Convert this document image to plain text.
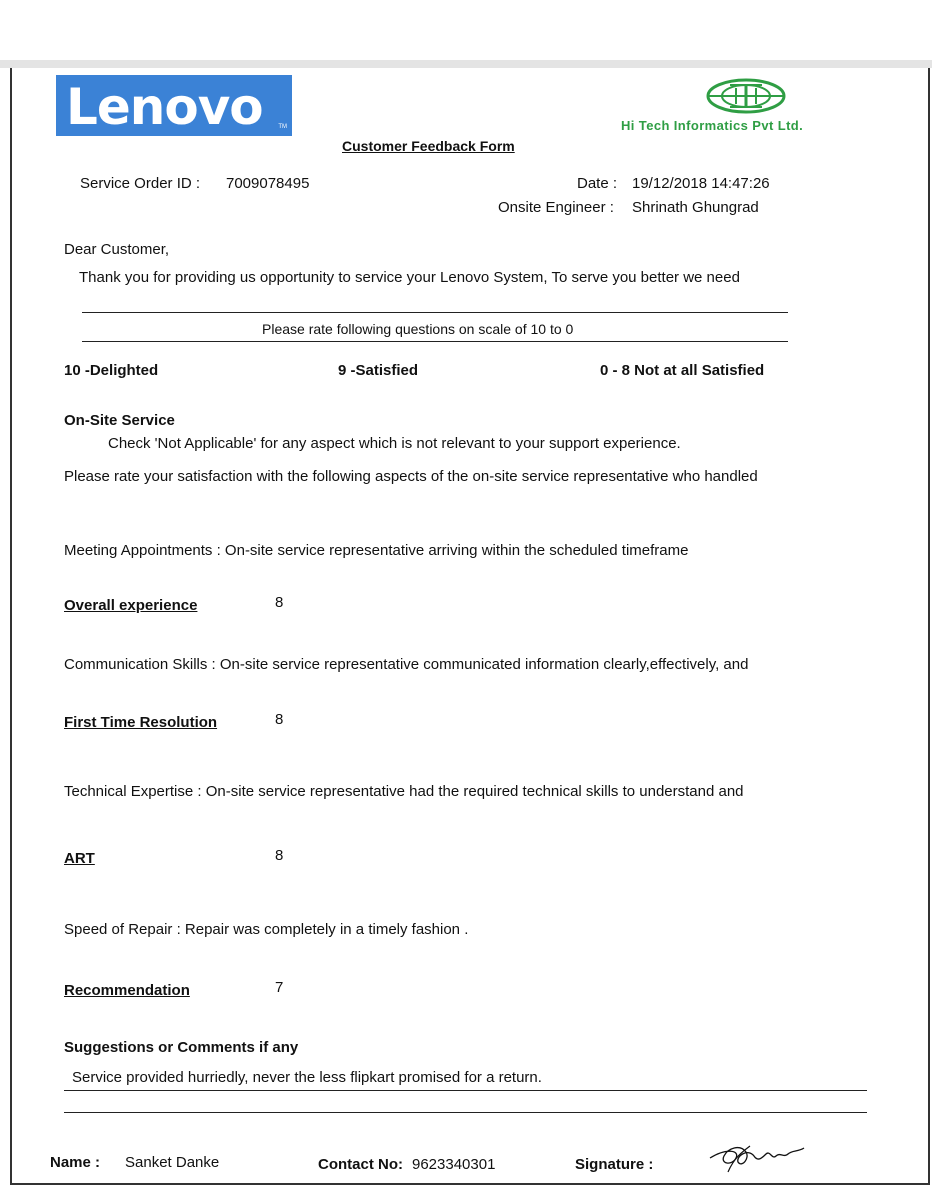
Lenovo	TM	Hi Tech Informatics Pvt Ltd.
Customer Feedback Form
Service Order ID : 7009078495	Date : 19/12/2018 14:47:26
Onsite Engineer : Shrinath Ghungrad
Dear Customer,
Thank you for providing us opportunity to service your Lenovo System, To serve you better we need
Please rate following questions on scale of 10 to 0
10 -Delighted	9 -Satisfied	0 - 8 Not at all Satisfied
On-Site Service
Check 'Not Applicable' for any aspect which is not relevant to your support experience.
Please rate your satisfaction with the following aspects of the on-site service representative who handled
Meeting Appointments : On-site service representative arriving within the scheduled timeframe
Overall experience	8
Communication Skills : On-site service representative communicated information clearly,effectively, and
First Time Resolution	8
Technical Expertise : On-site service representative had the required technical skills to understand and
ART	8
Speed of Repair : Repair was completely in a timely fashion .
Recommendation	7
Suggestions or Comments if any
Service provided hurriedly, never the less flipkart promised for a return.
Name : Sanket Danke	Contact No: 9623340301	Signature :
